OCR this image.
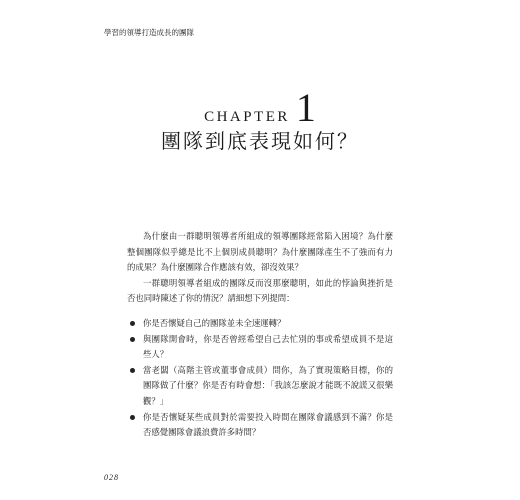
學習的領導打造成長的團隊
CHAPTER 1
團隊到底表現如何？

為什麼由一群聰明領導者所組成的領導團隊經常陷入困境？為什麼整個團隊似乎總是比不上個別成員聰明？為什麼團隊產生不了強而有力的成果？為什麼團隊合作應該有效，卻沒效果？

一群聰明領導者組成的團隊反而沒那麼聰明，如此的悖論與挫折是否也同時陳述了你的情況？請細想下列提問：

你是否懷疑自己的團隊並未全速運轉？
與團隊開會時，你是否曾經希望自己去忙別的事或希望成員不是這些人？
當老闆（高階主管或董事會成員）問你，為了實現策略目標，你的團隊做了什麼？你是否有時會想：「我該怎麼說才能既不說謊又很樂觀？」
你是否懷疑某些成員對於需要投入時間在團隊會議感到不滿？你是否感覺團隊會議浪費許多時間？
028
